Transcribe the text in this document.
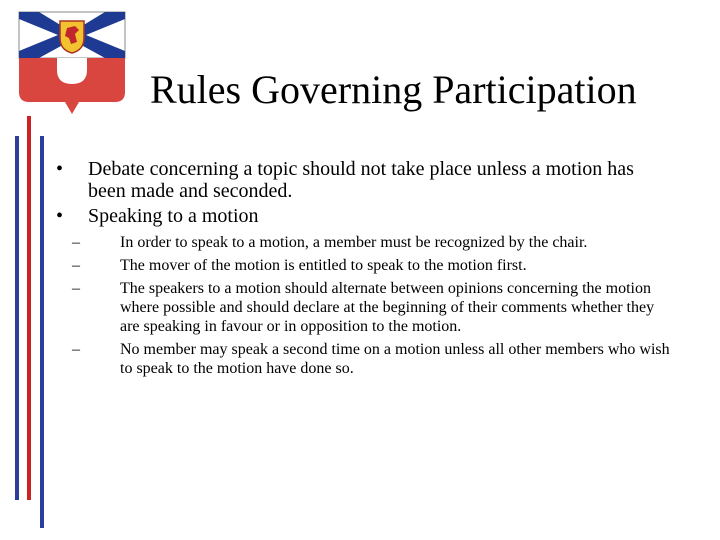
Rules Governing Participation
• Debate concerning a topic should not take place unless a motion has been made and seconded.
• Speaking to a motion
–	In order to speak to a motion, a member must be recognized by the chair.
–	The mover of the motion is entitled to speak to the motion first.
–	The speakers to a motion should alternate between opinions concerning the motion where possible and should declare at the beginning of their comments whether they are speaking in favour or in opposition to the motion.
–	No member may speak a second time on a motion unless all other members who wish to speak to the motion have done so.
